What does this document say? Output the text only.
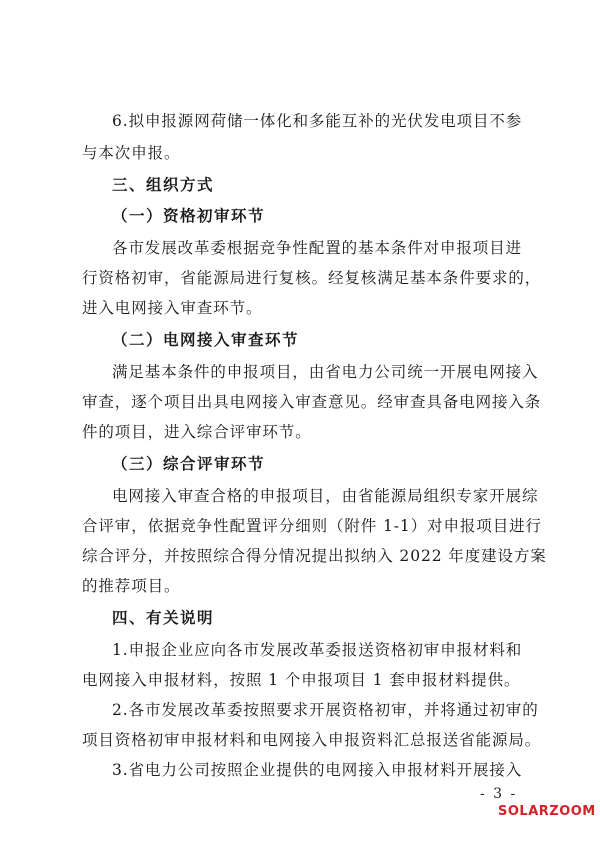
6.拟申报源网荷储一体化和多能互补的光伏发电项目不参
与本次申报。
三、组织方式
（一）资格初审环节
各市发展改革委根据竞争性配置的基本条件对申报项目进
行资格初审，省能源局进行复核。经复核满足基本条件要求的，
进入电网接入审查环节。
（二）电网接入审查环节
满足基本条件的申报项目，由省电力公司统一开展电网接入
审查，逐个项目出具电网接入审查意见。经审查具备电网接入条
件的项目，进入综合评审环节。
（三）综合评审环节
电网接入审查合格的申报项目，由省能源局组织专家开展综
合评审，依据竞争性配置评分细则（附件 1-1）对申报项目进行
综合评分，并按照综合得分情况提出拟纳入 2022 年度建设方案
的推荐项目。
四、有关说明
1.申报企业应向各市发展改革委报送资格初审申报材料和
电网接入申报材料，按照 1 个申报项目 1 套申报材料提供。
2.各市发展改革委按照要求开展资格初审，并将通过初审的
项目资格初审申报材料和电网接入申报资料汇总报送省能源局。
3.省电力公司按照企业提供的电网接入申报材料开展接入
- 3 -
SOLARZOOM
